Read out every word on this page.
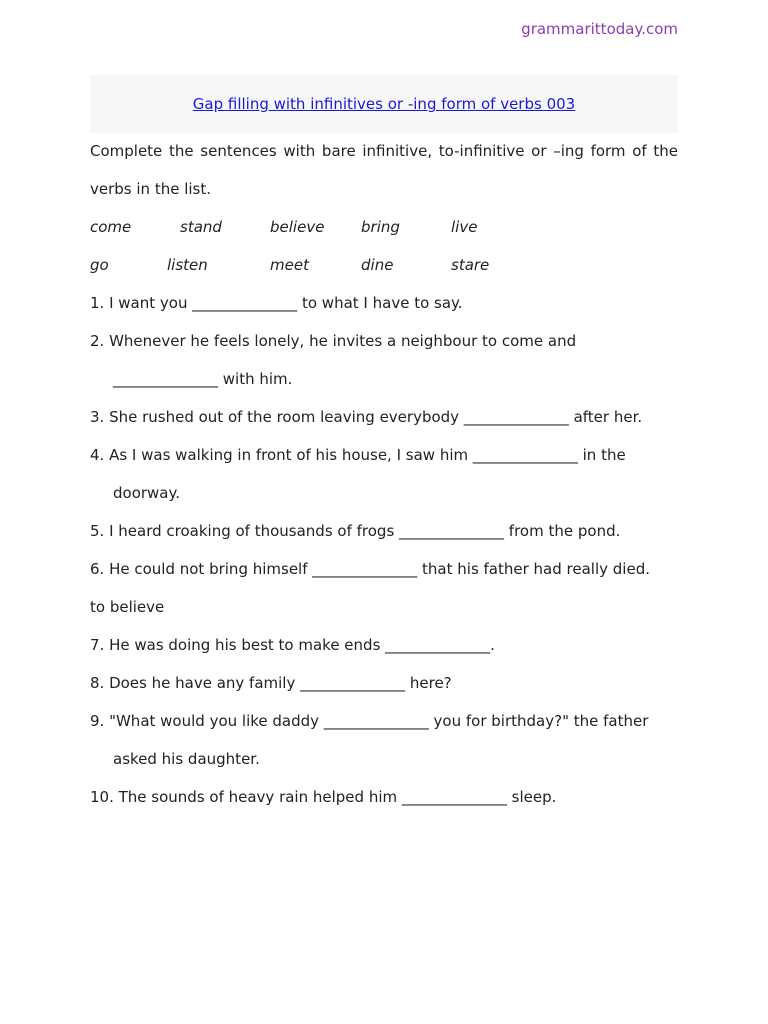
grammarittoday.com
Gap filling with infinitives or -ing form of verbs 003
Complete the sentences with bare infinitive, to-infinitive or –ing form of the verbs in the list.
come	stand	believe bring	live
go	listen	meet	dine	stare
1. I want you ______________ to what I have to say.
2. Whenever he feels lonely, he invites a neighbour to come and
______________ with him.
3. She rushed out of the room leaving everybody ______________ after her.
4. As I was walking in front of his house, I saw him ______________ in the
doorway.
5. I heard croaking of thousands of frogs ______________ from the pond.
6. He could not bring himself ______________ that his father had really died.
to believe
7. He was doing his best to make ends ______________.
8. Does he have any family ______________ here?
9. "What would you like daddy ______________ you for birthday?" the father
asked his daughter.
10. The sounds of heavy rain helped him ______________ sleep.
